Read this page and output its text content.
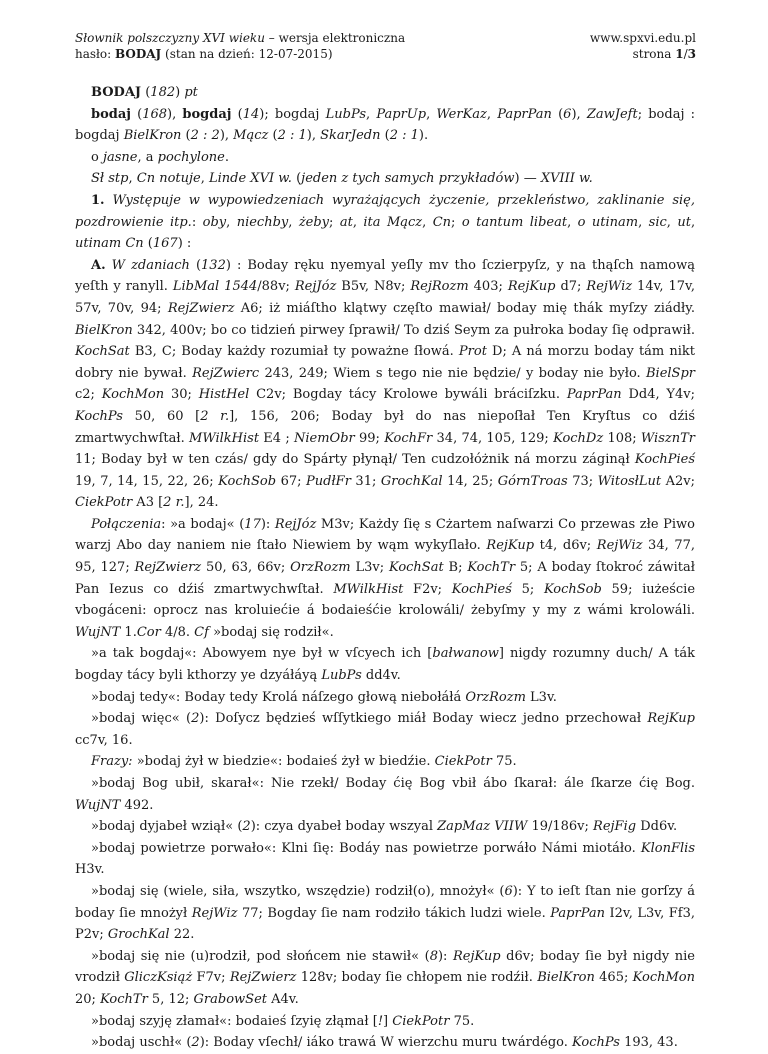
Słownik polszczyzny XVI wieku – wersja elektroniczna
hasło: BODAJ (stan na dzień: 12-07-2015)
www.spxvi.edu.pl
strona 1/3

BODAJ (182) pt

bodaj (168), bogdaj (14); bogdaj LubPs, PaprUp, WerKaz, PaprPan (6), ZawJeft; bodaj : bogdaj BielKron (2 : 2), Mącz (2 : 1), SkarJedn (2 : 1).

o jasne, a pochylone.

Sł stp, Cn notuje, Linde XVI w. (jeden z tych samych przykładów) — XVIII w.

1. Występuje w wypowiedzeniach wyrażających życzenie, przekleństwo, zaklinanie się, pozdrowienie itp.: oby, niechby, żeby; at, ita Mącz, Cn; o tantum libeat, o utinam, sic, ut, utinam Cn (167) :

A. W zdaniach (132) : Boday ręku nyemyal yeſly mv tho ſczierpyſz, y na thąſch namową yeſth y ranyll. LibMal 1544/88v; RejJóz B5v, N8v; RejRozm 403; RejKup d7; RejWiz 14v, 17v, 57v, 70v, 94; RejZwierz A6; iż miáſtho klątwy częſto mawiał/ boday mię thák myſzy ziádły. BielKron 342, 400v; bo co tidzień pirwey ſprawił/ To dziś Seym za pułroka boday ſię odprawił. KochSat B3, C; Boday każdy rozumiał ty poważne ſłowá. Prot D; A ná morzu boday tám nikt dobry nie bywał. RejZwierc 243, 249; Wiem s tego nie nie będzie/ y boday nie było. BielSpr c2; KochMon 30; HistHel C2v; Bogday tácy Krolowe bywáli bráciſzku. PaprPan Dd4, Y4v; KochPs 50, 60 [2 r.], 156, 206; Boday był do nas niepoſłał Ten Kryſtus co dźiś zmartwychwſtał. MWilkHist E4 ; NiemObr 99; KochFr 34, 74, 105, 129; KochDz 108; WisznTr 11; Boday był w ten czás/ gdy do Spárty płynął/ Ten cudzołóżnik ná morzu záginął KochPieś 19, 7, 14, 15, 22, 26; KochSob 67; PudłFr 31; GrochKal 14, 25; GórnTroas 73; WitosłLut A2v; CiekPotr A3 [2 r.], 24.

Połączenia: »a bodaj« (17): RejJóz M3v; Każdy ſię s Cżartem naſwarzi Co przewas złe Piwo warzj Abo day naniem nie ſtało Niewiem by wąm wykyſlało. RejKup t4, d6v; RejWiz 34, 77, 95, 127; RejZwierz 50, 63, 66v; OrzRozm L3v; KochSat B; KochTr 5; A boday ſtokroć záwitał Pan Iezus co dźiś zmartwychwſtał. MWilkHist F2v; KochPieś 5; KochSob 59; iużeście vbogáceni: oprocz nas kroluiećie á bodaieśćie krolowáli/ żebyſmy y my z wámi krolowáli. WujNT 1.Cor 4/8. Cf »bodaj się rodził«.

»a tak bogdaj«: Abowyem nye był w vſcyech ich [bałwanow] nigdy rozumny duch/ A ták bogday tácy byli kthorzy ye dzyáłáyą LubPs dd4v.

»bodaj tedy«: Boday tedy Krolá náſzego głową niebołáłá OrzRozm L3v.

»bodaj więc« (2): Doſycz będzieś wſſytkiego miáł Boday wiecz jedno przechował RejKup cc7v, 16.

Frazy: »bodaj żył w biedzie«: bodaieś żył w biedźie. CiekPotr 75.

»bodaj Bog ubił, skarał«: Nie rzekł/ Boday ćię Bog vbił ábo ſkarał: ále ſkarze ćię Bog. WujNT 492.

»bodaj dyjabeł wziął« (2): czya dyabeł boday wszyal ZapMaz VIIW 19/186v; RejFig Dd6v.

»bodaj powietrze porwało«: Klni ſię: Bodáy nas powietrze porwáło Námi miotáło. KlonFlis H3v.

»bodaj się (wiele, siła, wszytko, wszędzie) rodził(o), mnożył« (6): Y to ieſt ſtan nie gorſzy á boday ſie mnożył RejWiz 77; Bogday ſie nam rodziło tákich ludzi wiele. PaprPan I2v, L3v, Ff3, P2v; GrochKal 22.

»bodaj się nie (u)rodził, pod słońcem nie stawił« (8): RejKup d6v; boday ſie był nigdy nie vrodził GliczKsiąż F7v; RejZwierz 128v; boday ſie chłopem nie rodźił. BielKron 465; KochMon 20; KochTr 5, 12; GrabowSet A4v.

»bodaj szyję złamał«: bodaieś ſzyię złąmał [!] CiekPotr 75.

»bodaj uschł« (2): Boday vſechł/ iáko trawá W wierzchu muru twárdégo. KochPs 193, 43.
